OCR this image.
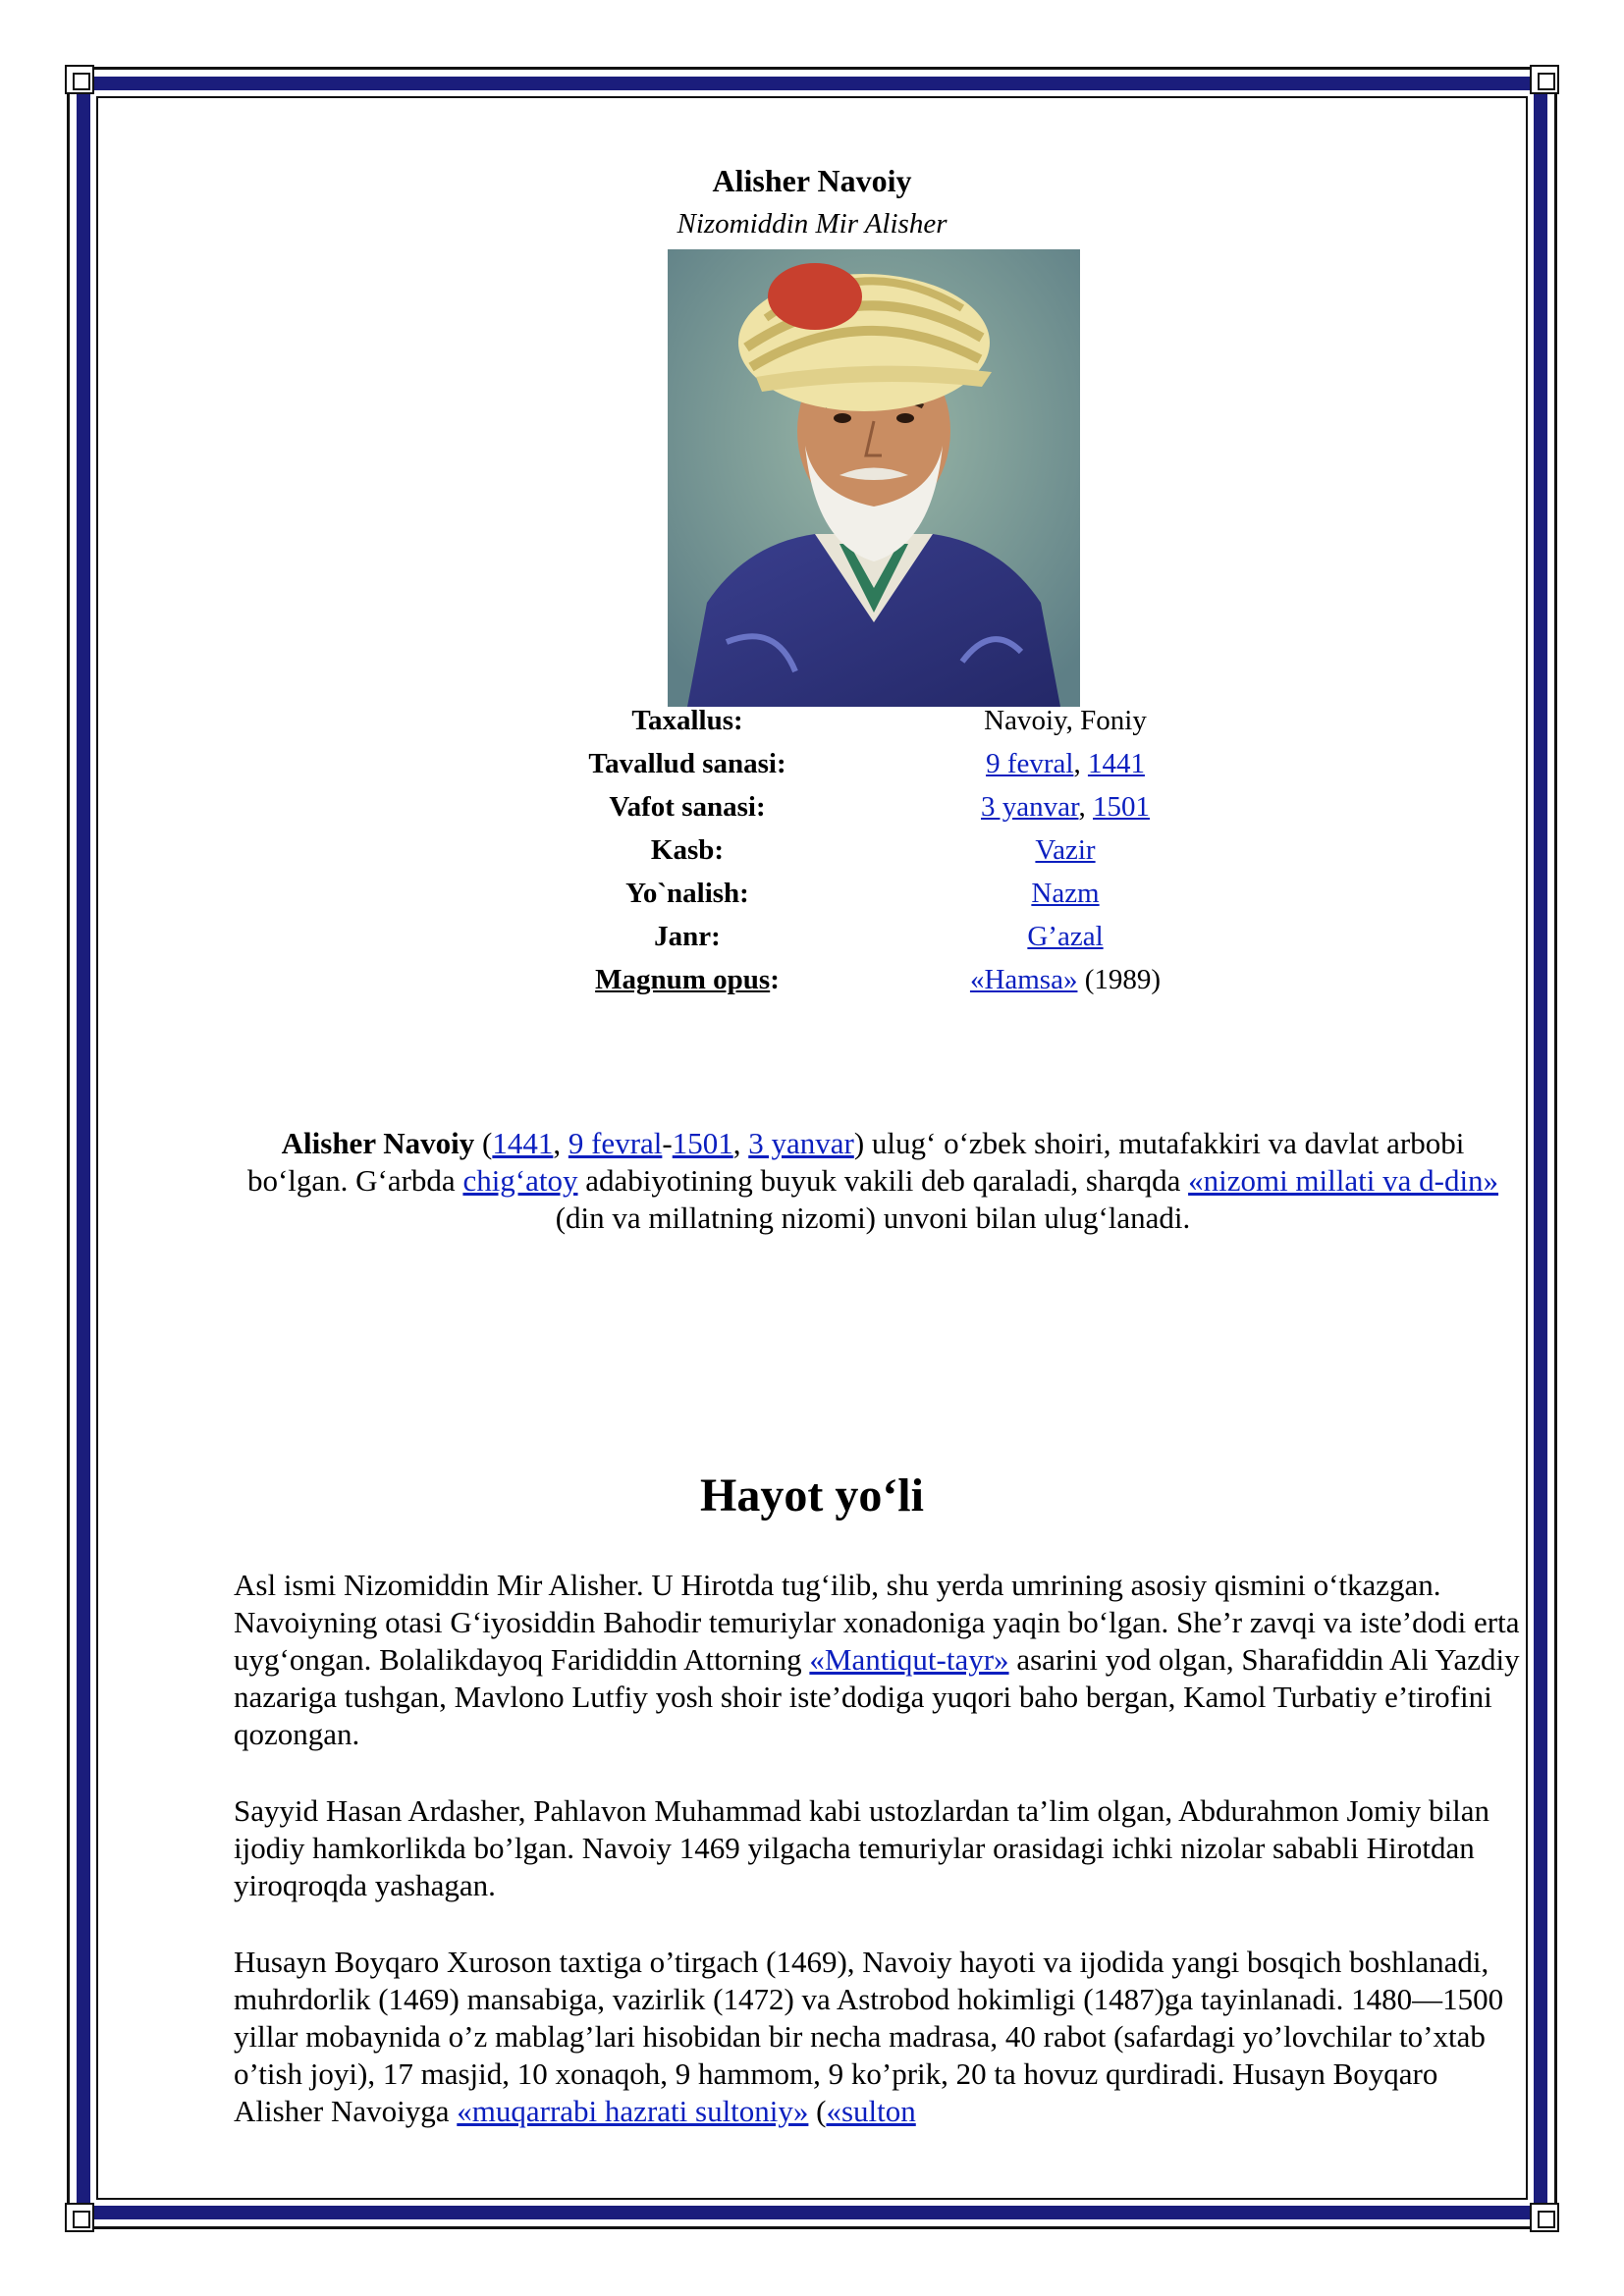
Alisher Navoiy
Nizomiddin Mir Alisher
Taxallus:	Navoiy, Foniy
Tavallud sanasi:	9 fevral, 1441
Vafot sanasi:	3 yanvar, 1501
Kasb:	Vazir
Yo`nalish:	Nazm
Janr:	G’azal
Magnum opus:	«Hamsa» (1989)
Alisher Navoiy (1441, 9 fevral-1501, 3 yanvar) ulug‘ o‘zbek shoiri, mutafakkiri va davlat arbobi bo‘lgan. G‘arbda chig‘atoy adabiyotining buyuk vakili deb qaraladi, sharqda «nizomi millati va d-din» (din va millatning nizomi) unvoni bilan ulug‘lanadi.
Hayot yo‘li
Asl ismi Nizomiddin Mir Alisher. U Hirotda tug‘ilib, shu yerda umrining asosiy qismini o‘tkazgan. Navoiyning otasi G‘iyosiddin Bahodir temuriylar xonadoniga yaqin bo‘lgan. She’r zavqi va iste’dodi erta uyg‘ongan. Bolalikdayoq Farididdin Attorning «Mantiqut-tayr» asarini yod olgan, Sharafiddin Ali Yazdiy nazariga tushgan, Mavlono Lutfiy yosh shoir iste’dodiga yuqori baho bergan, Kamol Turbatiy e’tirofini qozongan.
Sayyid Hasan Ardasher, Pahlavon Muhammad kabi ustozlardan ta’lim olgan, Abdurahmon Jomiy bilan ijodiy hamkorlikda bo’lgan. Navoiy 1469 yilgacha temuriylar orasidagi ichki nizolar sababli Hirotdan yiroqroqda yashagan.
Husayn Boyqaro Xuroson taxtiga o’tirgach (1469), Navoiy hayoti va ijodida yangi bosqich boshlanadi, muhrdorlik (1469) mansabiga, vazirlik (1472) va Astrobod hokimligi (1487)ga tayinlanadi. 1480—1500 yillar mobaynida o’z mablag’lari hisobidan bir necha madrasa, 40 rabot (safardagi yo’lovchilar to’xtab o’tish joyi), 17 masjid, 10 xonaqoh, 9 hammom, 9 ko’prik, 20 ta hovuz qurdiradi. Husayn Boyqaro Alisher Navoiyga «muqarrabi hazrati sultoniy» («sulton
